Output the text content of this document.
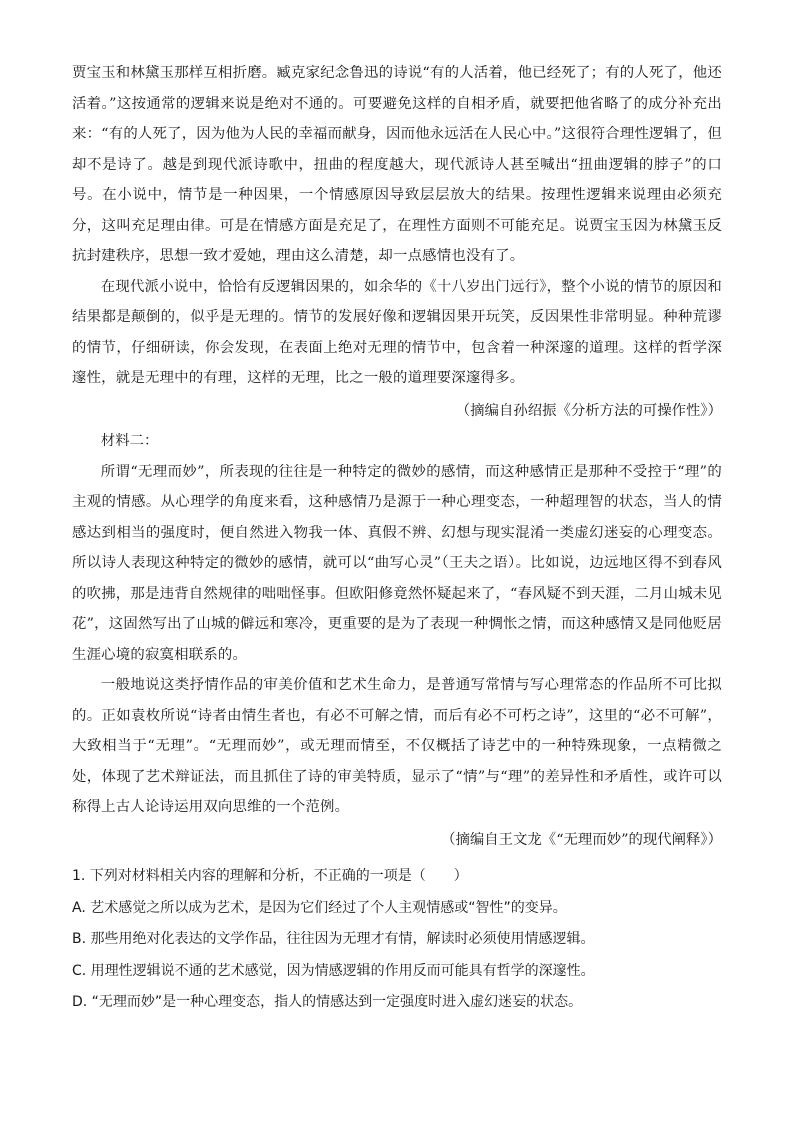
贾宝玉和林黛玉那样互相折磨。臧克家纪念鲁迅的诗说“有的人活着，他已经死了；有的人死了，他还活着。”这按通常的逻辑来说是绝对不通的。可要避免这样的自相矛盾，就要把他省略了的成分补充出来：“有的人死了，因为他为人民的幸福而献身，因而他永远活在人民心中。”这很符合理性逻辑了，但却不是诗了。越是到现代派诗歌中，扭曲的程度越大，现代派诗人甚至喊出“扭曲逻辑的脖子”的口号。在小说中，情节是一种因果，一个情感原因导致层层放大的结果。按理性逻辑来说理由必须充分，这叫充足理由律。可是在情感方面是充足了，在理性方面则不可能充足。说贾宝玉因为林黛玉反抗封建秩序，思想一致才爱她，理由这么清楚，却一点感情也没有了。

在现代派小说中，恰恰有反逻辑因果的，如余华的《十八岁出门远行》，整个小说的情节的原因和结果都是颠倒的，似乎是无理的。情节的发展好像和逻辑因果开玩笑，反因果性非常明显。种种荒谬的情节，仔细研读，你会发现，在表面上绝对无理的情节中，包含着一种深邃的道理。这样的哲学深邃性，就是无理中的有理，这样的无理，比之一般的道理要深邃得多。

（摘编自孙绍振《分析方法的可操作性》）

材料二：

所谓“无理而妙”，所表现的往往是一种特定的微妙的感情，而这种感情正是那种不受控于“理”的主观的情感。从心理学的角度来看，这种感情乃是源于一种心理变态，一种超理智的状态，当人的情感达到相当的强度时，便自然进入物我一体、真假不辨、幻想与现实混淆一类虚幻迷妄的心理变态。所以诗人表现这种特定的微妙的感情，就可以“曲写心灵”（王夫之语）。比如说，边远地区得不到春风的吹拂，那是违背自然规律的咄咄怪事。但欧阳修竟然怀疑起来了，“春风疑不到天涯，二月山城未见花”，这固然写出了山城的僻远和寒冷，更重要的是为了表现一种惆怅之情，而这种感情又是同他贬居生涯心境的寂寞相联系的。

一般地说这类抒情作品的审美价值和艺术生命力，是普通写常情与写心理常态的作品所不可比拟的。正如袁枚所说“诗者由情生者也，有必不可解之情，而后有必不可朽之诗”，这里的“必不可解”，大致相当于“无理”。“无理而妙”，或无理而情至，不仅概括了诗艺中的一种特殊现象，一点精微之处，体现了艺术辩证法，而且抓住了诗的审美特质，显示了“情”与“理”的差异性和矛盾性，或许可以称得上古人论诗运用双向思维的一个范例。

（摘编自王文龙《“无理而妙”的现代阐释》）

1. 下列对材料相关内容的理解和分析，不正确的一项是（　　）

A. 艺术感觉之所以成为艺术，是因为它们经过了个人主观情感或“智性”的变异。

B. 那些用绝对化表达的文学作品，往往因为无理才有情，解读时必须使用情感逻辑。

C. 用理性逻辑说不通的艺术感觉，因为情感逻辑的作用反而可能具有哲学的深邃性。

D. “无理而妙”是一种心理变态，指人的情感达到一定强度时进入虚幻迷妄的状态。
